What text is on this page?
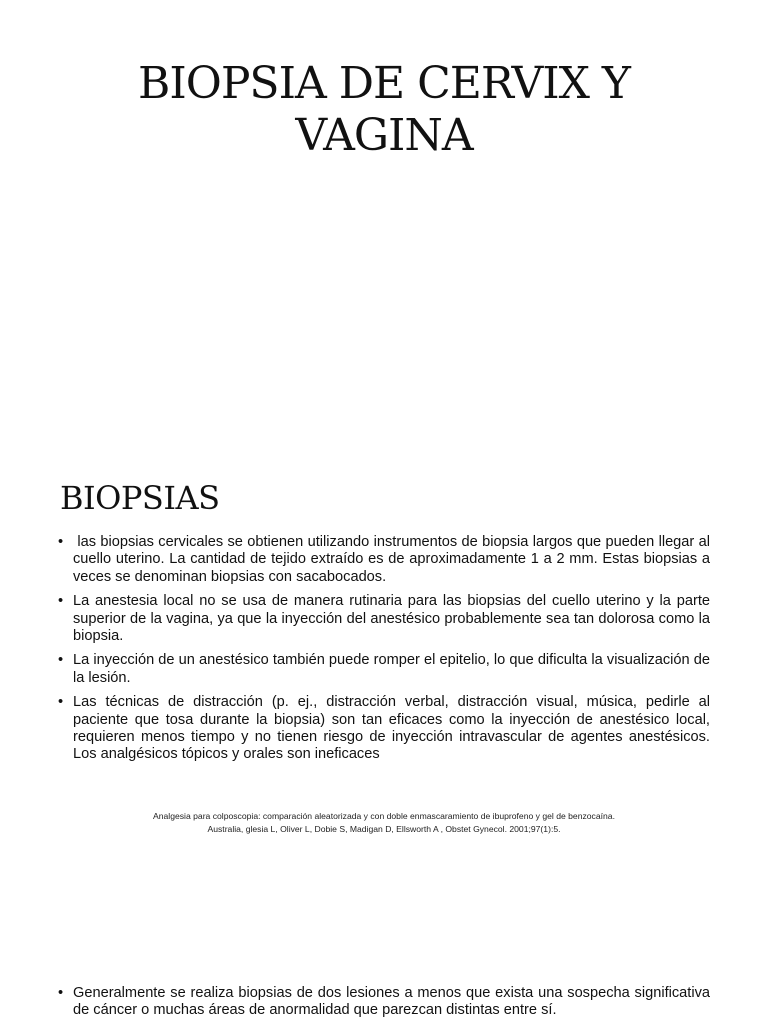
BIOPSIA DE CERVIX Y
VAGINA
BIOPSIAS
• las biopsias cervicales se obtienen utilizando instrumentos de biopsia largos que pueden llegar al cuello uterino. La cantidad de tejido extraído es de aproximadamente 1 a 2 mm. Estas biopsias a veces se denominan biopsias con sacabocados.
• La anestesia local no se usa de manera rutinaria para las biopsias del cuello uterino y la parte superior de la vagina, ya que la inyección del anestésico probablemente sea tan dolorosa como la biopsia.
• La inyección de un anestésico también puede romper el epitelio, lo que dificulta la visualización de la lesión.
• Las técnicas de distracción (p. ej., distracción verbal, distracción visual, música, pedirle al paciente que tosa durante la biopsia) son tan eficaces como la inyección de anestésico local, requieren menos tiempo y no tienen riesgo de inyección intravascular de agentes anestésicos. Los analgésicos tópicos y orales son ineficaces
Analgesia para colposcopia: comparación aleatorizada y con doble enmascaramiento de ibuprofeno y gel de benzocaína.
Australia, glesia L, Oliver L, Dobie S, Madigan D, Ellsworth A , Obstet Gynecol. 2001;97(1):5.
• Generalmente se realiza biopsias de dos lesiones a menos que exista una sospecha significativa de cáncer o muchas áreas de anormalidad que parezcan distintas entre sí.
